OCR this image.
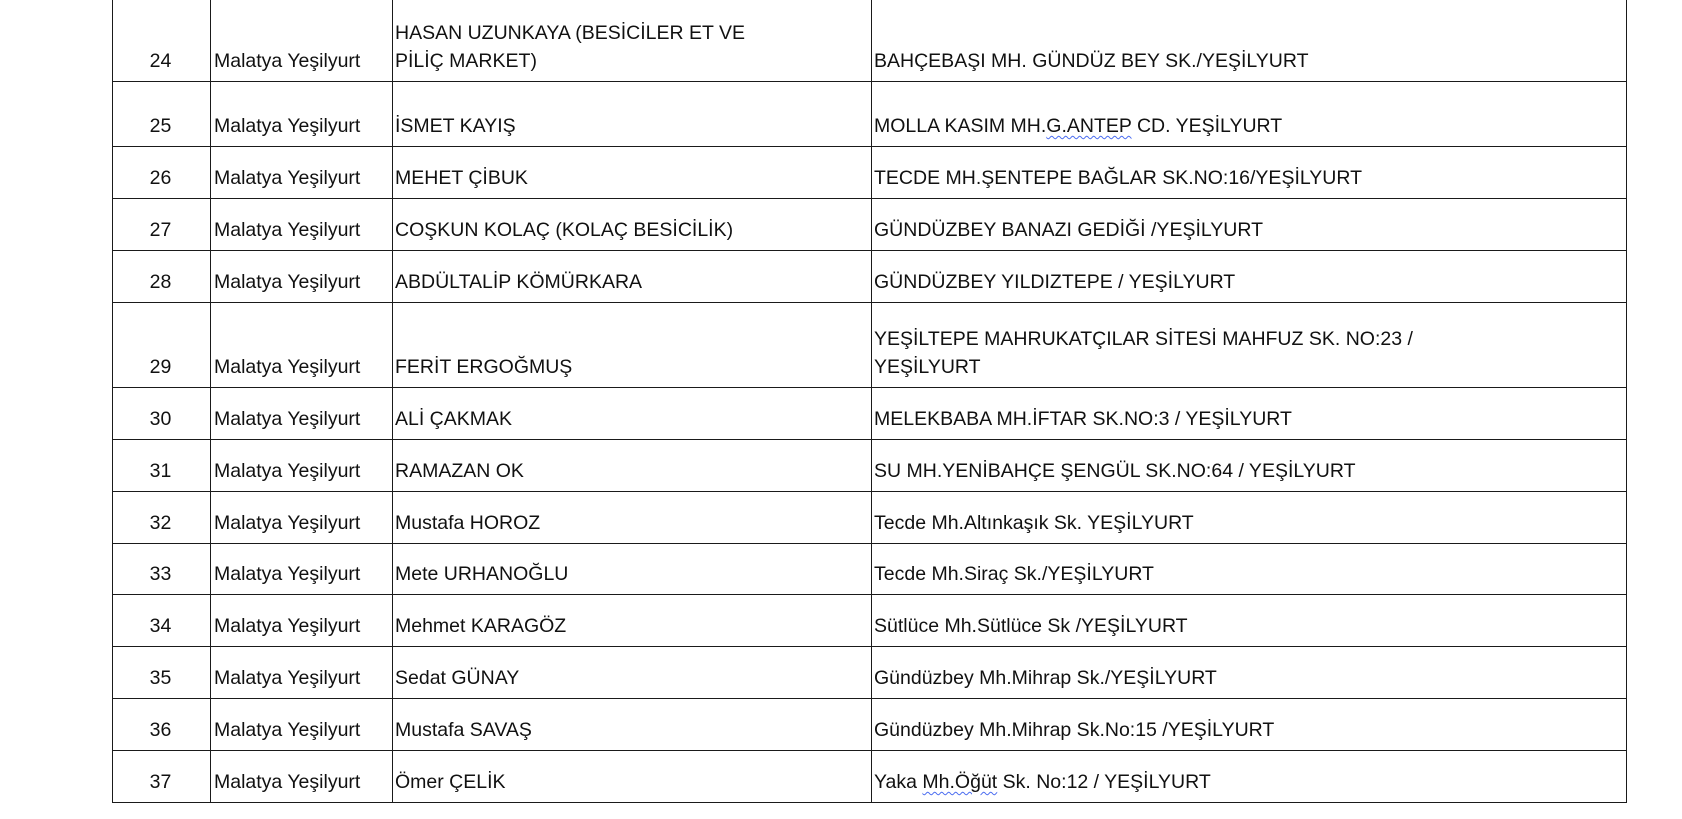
24	Malatya Yeşilyurt	HASAN UZUNKAYA (BESİCİLER ET VE PİLİÇ MARKET)	BAHÇEBAŞI MH. GÜNDÜZ BEY SK./YEŞİLYURT
25	Malatya Yeşilyurt	İSMET KAYIŞ	MOLLA KASIM MH.G.ANTEP CD. YEŞİLYURT
26	Malatya Yeşilyurt	MEHET ÇİBUK	TECDE MH.ŞENTEPE BAĞLAR SK.NO:16/YEŞİLYURT
27	Malatya Yeşilyurt	COŞKUN KOLAÇ (KOLAÇ BESİCİLİK)	GÜNDÜZBEY BANAZI GEDİĞİ /YEŞİLYURT
28	Malatya Yeşilyurt	ABDÜLTALİP KÖMÜRKARA	GÜNDÜZBEY YILDIZTEPE / YEŞİLYURT
29	Malatya Yeşilyurt	FERİT ERGOĞMUŞ	YEŞİLTEPE MAHRUKATÇILAR SİTESİ MAHFUZ SK. NO:23 / YEŞİLYURT
30	Malatya Yeşilyurt	ALİ ÇAKMAK	MELEKBABA MH.İFTAR SK.NO:3 / YEŞİLYURT
31	Malatya Yeşilyurt	RAMAZAN OK	SU MH.YENİBAHÇE ŞENGÜL SK.NO:64 / YEŞİLYURT
32	Malatya Yeşilyurt	Mustafa HOROZ	Tecde Mh.Altınkaşık Sk. YEŞİLYURT
33	Malatya Yeşilyurt	Mete URHANOĞLU	Tecde Mh.Siraç Sk./YEŞİLYURT
34	Malatya Yeşilyurt	Mehmet KARAGÖZ	Sütlüce Mh.Sütlüce Sk /YEŞİLYURT
35	Malatya Yeşilyurt	Sedat GÜNAY	Gündüzbey Mh.Mihrap Sk./YEŞİLYURT
36	Malatya Yeşilyurt	Mustafa SAVAŞ	Gündüzbey Mh.Mihrap Sk.No:15 /YEŞİLYURT
37	Malatya Yeşilyurt	Ömer ÇELİK	Yaka Mh.Öğüt Sk. No:12 / YEŞİLYURT
